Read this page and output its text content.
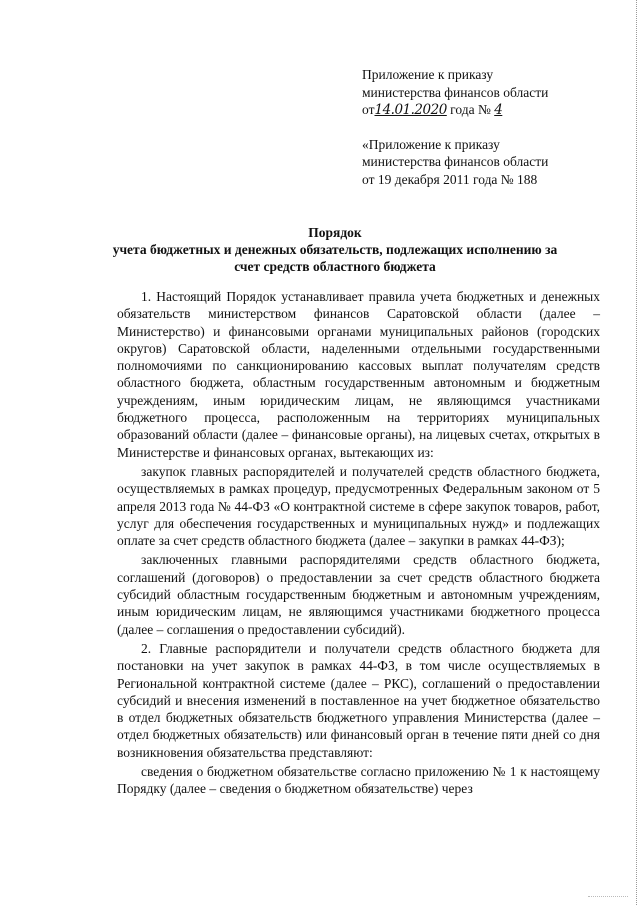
Приложение к приказу
министерства финансов области
от14.01.2020 года № 4
«Приложение к приказу
министерства финансов области
от 19 декабря 2011 года № 188
Порядок
учета бюджетных и денежных обязательств, подлежащих исполнению за
счет средств областного бюджета

1. Настоящий Порядок устанавливает правила учета бюджетных и денежных обязательств министерством финансов Саратовской области (далее – Министерство) и финансовыми органами муниципальных районов (городских округов) Саратовской области, наделенными отдельными государственными полномочиями по санкционированию кассовых выплат получателям средств областного бюджета, областным государственным автономным и бюджетным учреждениям, иным юридическим лицам, не являющимся участниками бюджетного процесса, расположенным на территориях муниципальных образований области (далее – финансовые органы), на лицевых счетах, открытых в Министерстве и финансовых органах, вытекающих из:

закупок главных распорядителей и получателей средств областного бюджета, осуществляемых в рамках процедур, предусмотренных Федеральным законом от 5 апреля 2013 года № 44-ФЗ «О контрактной системе в сфере закупок товаров, работ, услуг для обеспечения государственных и муниципальных нужд» и подлежащих оплате за счет средств областного бюджета (далее – закупки в рамках 44-ФЗ);

заключенных главными распорядителями средств областного бюджета, соглашений (договоров) о предоставлении за счет средств областного бюджета субсидий областным государственным бюджетным и автономным учреждениям, иным юридическим лицам, не являющимся участниками бюджетного процесса (далее – соглашения о предоставлении субсидий).

2. Главные распорядители и получатели средств областного бюджета для постановки на учет закупок в рамках 44-ФЗ, в том числе осуществляемых в Региональной контрактной системе (далее – РКС), соглашений о предоставлении субсидий и внесения изменений в поставленное на учет бюджетное обязательство в отдел бюджетных обязательств бюджетного управления Министерства (далее – отдел бюджетных обязательств) или финансовый орган в течение пяти дней со дня возникновения обязательства представляют:

сведения о бюджетном обязательстве согласно приложению № 1 к настоящему Порядку (далее – сведения о бюджетном обязательстве) через
